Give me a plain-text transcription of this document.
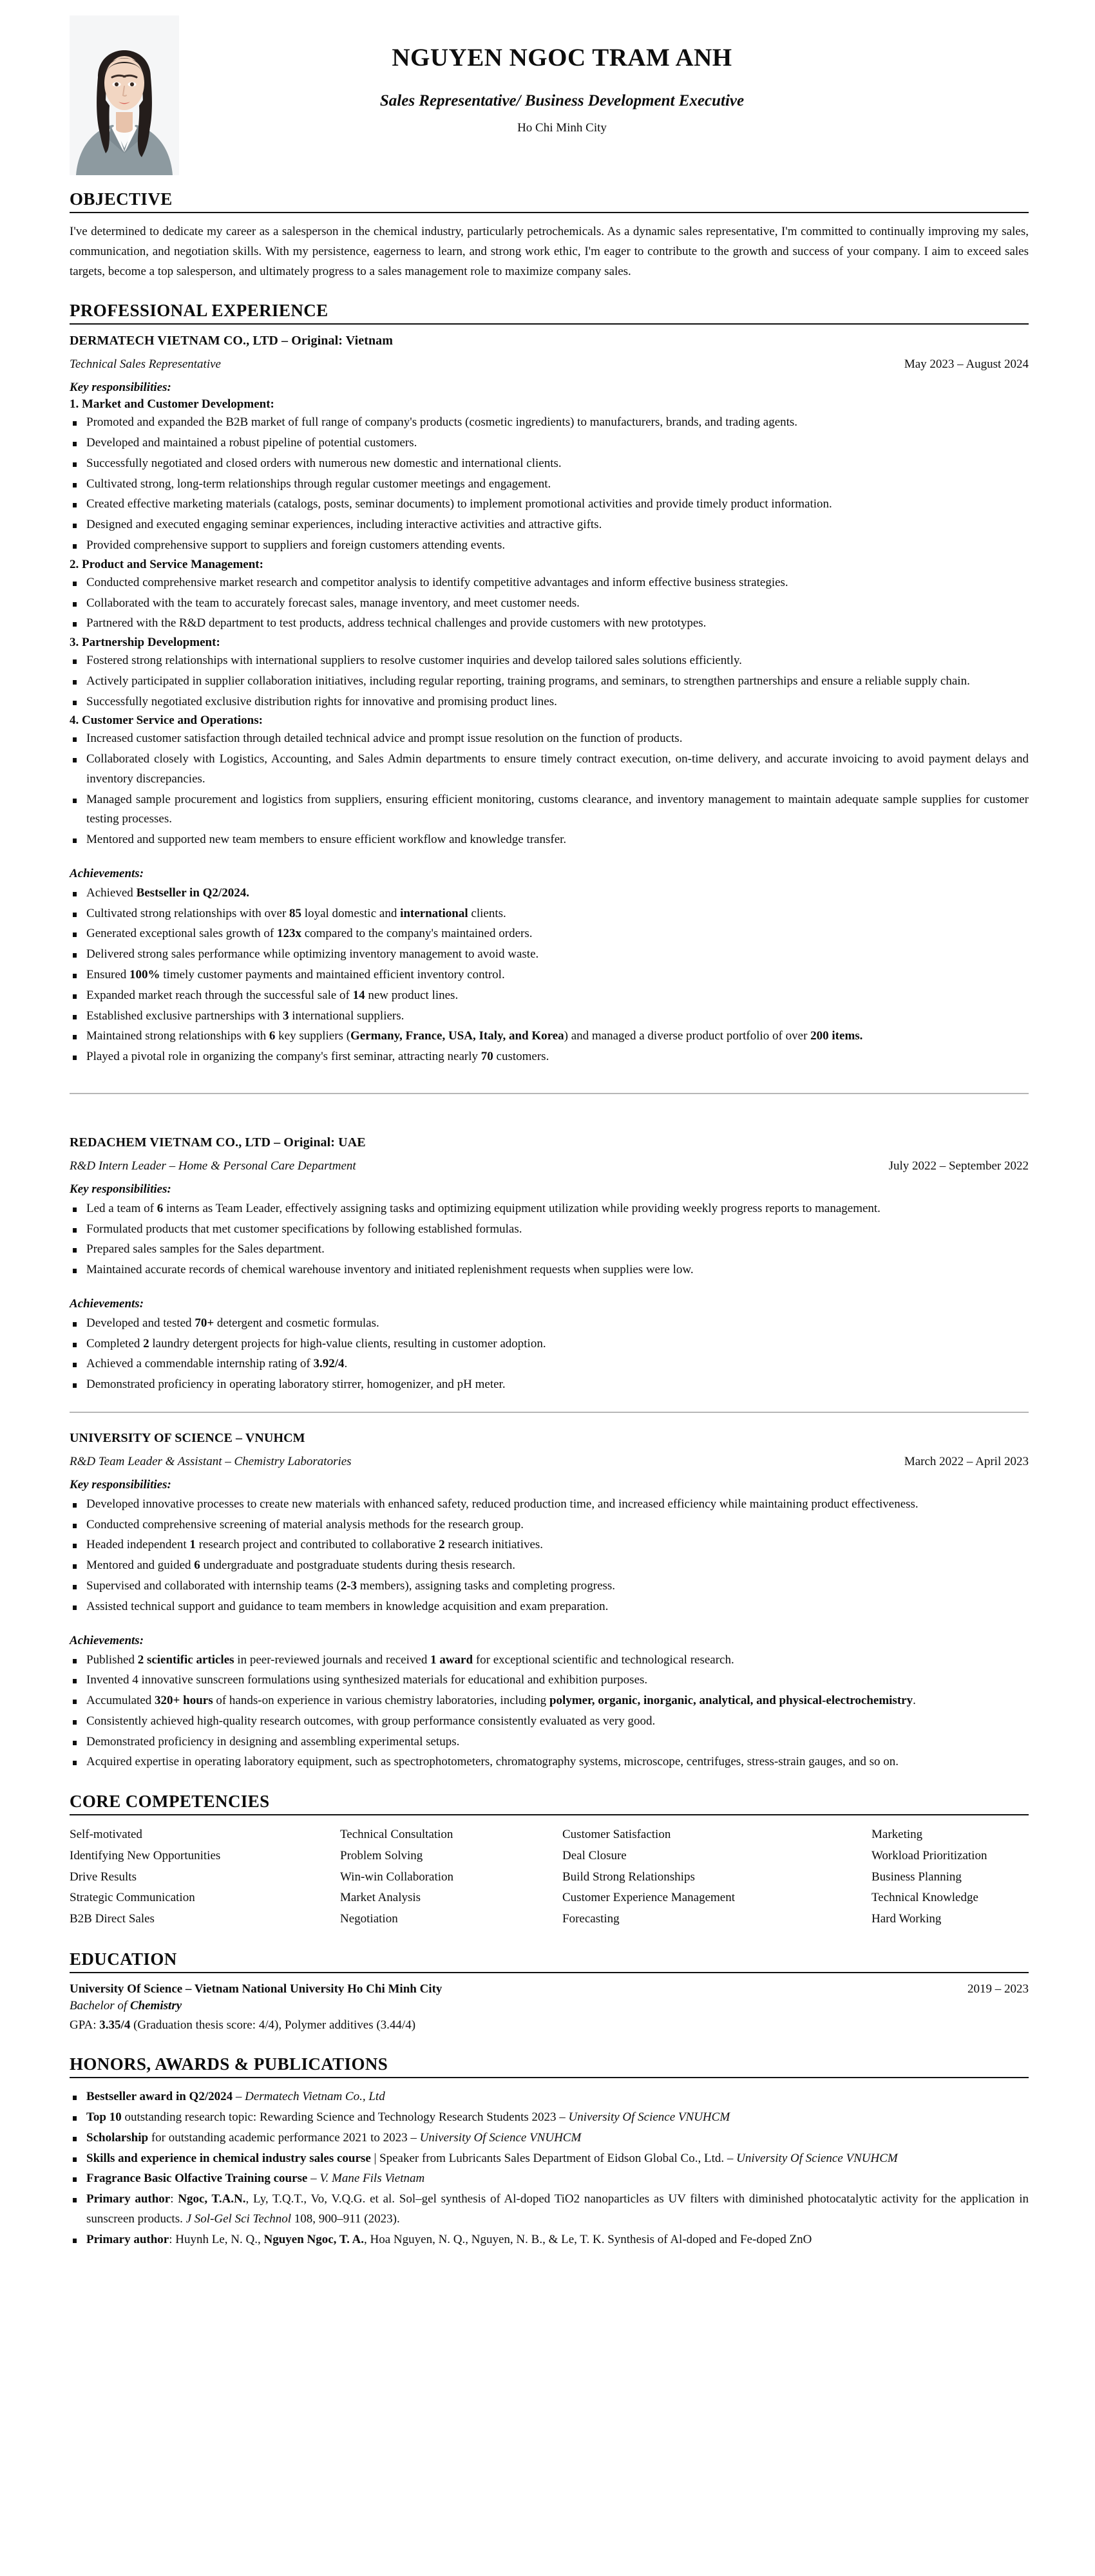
NGUYEN NGOC TRAM ANH
Sales Representative/ Business Development Executive
Ho Chi Minh City
OBJECTIVE

I've determined to dedicate my career as a salesperson in the chemical industry, particularly petrochemicals. As a dynamic sales representative, I'm committed to continually improving my sales, communication, and negotiation skills. With my persistence, eagerness to learn, and strong work ethic, I'm eager to contribute to the growth and success of your company. I aim to exceed sales targets, become a top salesperson, and ultimately progress to a sales management role to maximize company sales.

PROFESSIONAL EXPERIENCE
DERMATECH VIETNAM CO., LTD – Original: Vietnam
Technical Sales Representative	May 2023 – August 2024
Key responsibilities:
1. Market and Customer Development:
Promoted and expanded the B2B market of full range of company's products (cosmetic ingredients) to manufacturers, brands, and trading agents.
Developed and maintained a robust pipeline of potential customers.
Successfully negotiated and closed orders with numerous new domestic and international clients.
Cultivated strong, long-term relationships through regular customer meetings and engagement.
Created effective marketing materials (catalogs, posts, seminar documents) to implement promotional activities and provide timely product information.
Designed and executed engaging seminar experiences, including interactive activities and attractive gifts.
Provided comprehensive support to suppliers and foreign customers attending events.
2. Product and Service Management:
Conducted comprehensive market research and competitor analysis to identify competitive advantages and inform effective business strategies.
Collaborated with the team to accurately forecast sales, manage inventory, and meet customer needs.
Partnered with the R&D department to test products, address technical challenges and provide customers with new prototypes.
3. Partnership Development:
Fostered strong relationships with international suppliers to resolve customer inquiries and develop tailored sales solutions efficiently.
Actively participated in supplier collaboration initiatives, including regular reporting, training programs, and seminars, to strengthen partnerships and ensure a reliable supply chain.
Successfully negotiated exclusive distribution rights for innovative and promising product lines.
4. Customer Service and Operations:
Increased customer satisfaction through detailed technical advice and prompt issue resolution on the function of products.
Collaborated closely with Logistics, Accounting, and Sales Admin departments to ensure timely contract execution, on-time delivery, and accurate invoicing to avoid payment delays and inventory discrepancies.
Managed sample procurement and logistics from suppliers, ensuring efficient monitoring, customs clearance, and inventory management to maintain adequate sample supplies for customer testing processes.
Mentored and supported new team members to ensure efficient workflow and knowledge transfer.
Achievements:
Achieved Bestseller in Q2/2024.
Cultivated strong relationships with over 85 loyal domestic and international clients.
Generated exceptional sales growth of 123x compared to the company's maintained orders.
Delivered strong sales performance while optimizing inventory management to avoid waste.
Ensured 100% timely customer payments and maintained efficient inventory control.
Expanded market reach through the successful sale of 14 new product lines.
Established exclusive partnerships with 3 international suppliers.
Maintained strong relationships with 6 key suppliers (Germany, France, USA, Italy, and Korea) and managed a diverse product portfolio of over 200 items.
Played a pivotal role in organizing the company's first seminar, attracting nearly 70 customers.
REDACHEM VIETNAM CO., LTD – Original: UAE
R&D Intern Leader – Home & Personal Care Department	July 2022 – September 2022
Key responsibilities:
Led a team of 6 interns as Team Leader, effectively assigning tasks and optimizing equipment utilization while providing weekly progress reports to management.
Formulated products that met customer specifications by following established formulas.
Prepared sales samples for the Sales department.
Maintained accurate records of chemical warehouse inventory and initiated replenishment requests when supplies were low.
Achievements:
Developed and tested 70+ detergent and cosmetic formulas.
Completed 2 laundry detergent projects for high-value clients, resulting in customer adoption.
Achieved a commendable internship rating of 3.92/4.
Demonstrated proficiency in operating laboratory stirrer, homogenizer, and pH meter.
UNIVERSITY OF SCIENCE – VNUHCM
R&D Team Leader & Assistant – Chemistry Laboratories	March 2022 – April 2023
Key responsibilities:
Developed innovative processes to create new materials with enhanced safety, reduced production time, and increased efficiency while maintaining product effectiveness.
Conducted comprehensive screening of material analysis methods for the research group.
Headed independent 1 research project and contributed to collaborative 2 research initiatives.
Mentored and guided 6 undergraduate and postgraduate students during thesis research.
Supervised and collaborated with internship teams (2-3 members), assigning tasks and completing progress.
Assisted technical support and guidance to team members in knowledge acquisition and exam preparation.
Achievements:
Published 2 scientific articles in peer-reviewed journals and received 1 award for exceptional scientific and technological research.
Invented 4 innovative sunscreen formulations using synthesized materials for educational and exhibition purposes.
Accumulated 320+ hours of hands-on experience in various chemistry laboratories, including polymer, organic, inorganic, analytical, and physical-electrochemistry.
Consistently achieved high-quality research outcomes, with group performance consistently evaluated as very good.
Demonstrated proficiency in designing and assembling experimental setups.
Acquired expertise in operating laboratory equipment, such as spectrophotometers, chromatography systems, microscope, centrifuges, stress-strain gauges, and so on.
CORE COMPETENCIES
Self-motivated	Technical Consultation	Customer Satisfaction	Marketing
Identifying New Opportunities	Problem Solving	Deal Closure	Workload Prioritization
Drive Results	Win-win Collaboration	Build Strong Relationships	Business Planning
Strategic Communication	Market Analysis	Customer Experience Management	Technical Knowledge
B2B Direct Sales	Negotiation	Forecasting	Hard Working
EDUCATION
University Of Science – Vietnam National University Ho Chi Minh City	2019 – 2023
Bachelor of Chemistry
GPA: 3.35/4 (Graduation thesis score: 4/4), Polymer additives (3.44/4)
HONORS, AWARDS & PUBLICATIONS
Bestseller award in Q2/2024 – Dermatech Vietnam Co., Ltd
Top 10 outstanding research topic: Rewarding Science and Technology Research Students 2023 – University Of Science VNUHCM
Scholarship for outstanding academic performance 2021 to 2023 – University Of Science VNUHCM
Skills and experience in chemical industry sales course | Speaker from Lubricants Sales Department of Eidson Global Co., Ltd. – University Of Science VNUHCM
Fragrance Basic Olfactive Training course – V. Mane Fils Vietnam
Primary author: Ngoc, T.A.N., Ly, T.Q.T., Vo, V.Q.G. et al. Sol–gel synthesis of Al-doped TiO2 nanoparticles as UV filters with diminished photocatalytic activity for the application in sunscreen products. J Sol-Gel Sci Technol 108, 900–911 (2023).
Primary author: Huynh Le, N. Q., Nguyen Ngoc, T. A., Hoa Nguyen, N. Q., Nguyen, N. B., & Le, T. K. Synthesis of Al-doped and Fe-doped ZnO
